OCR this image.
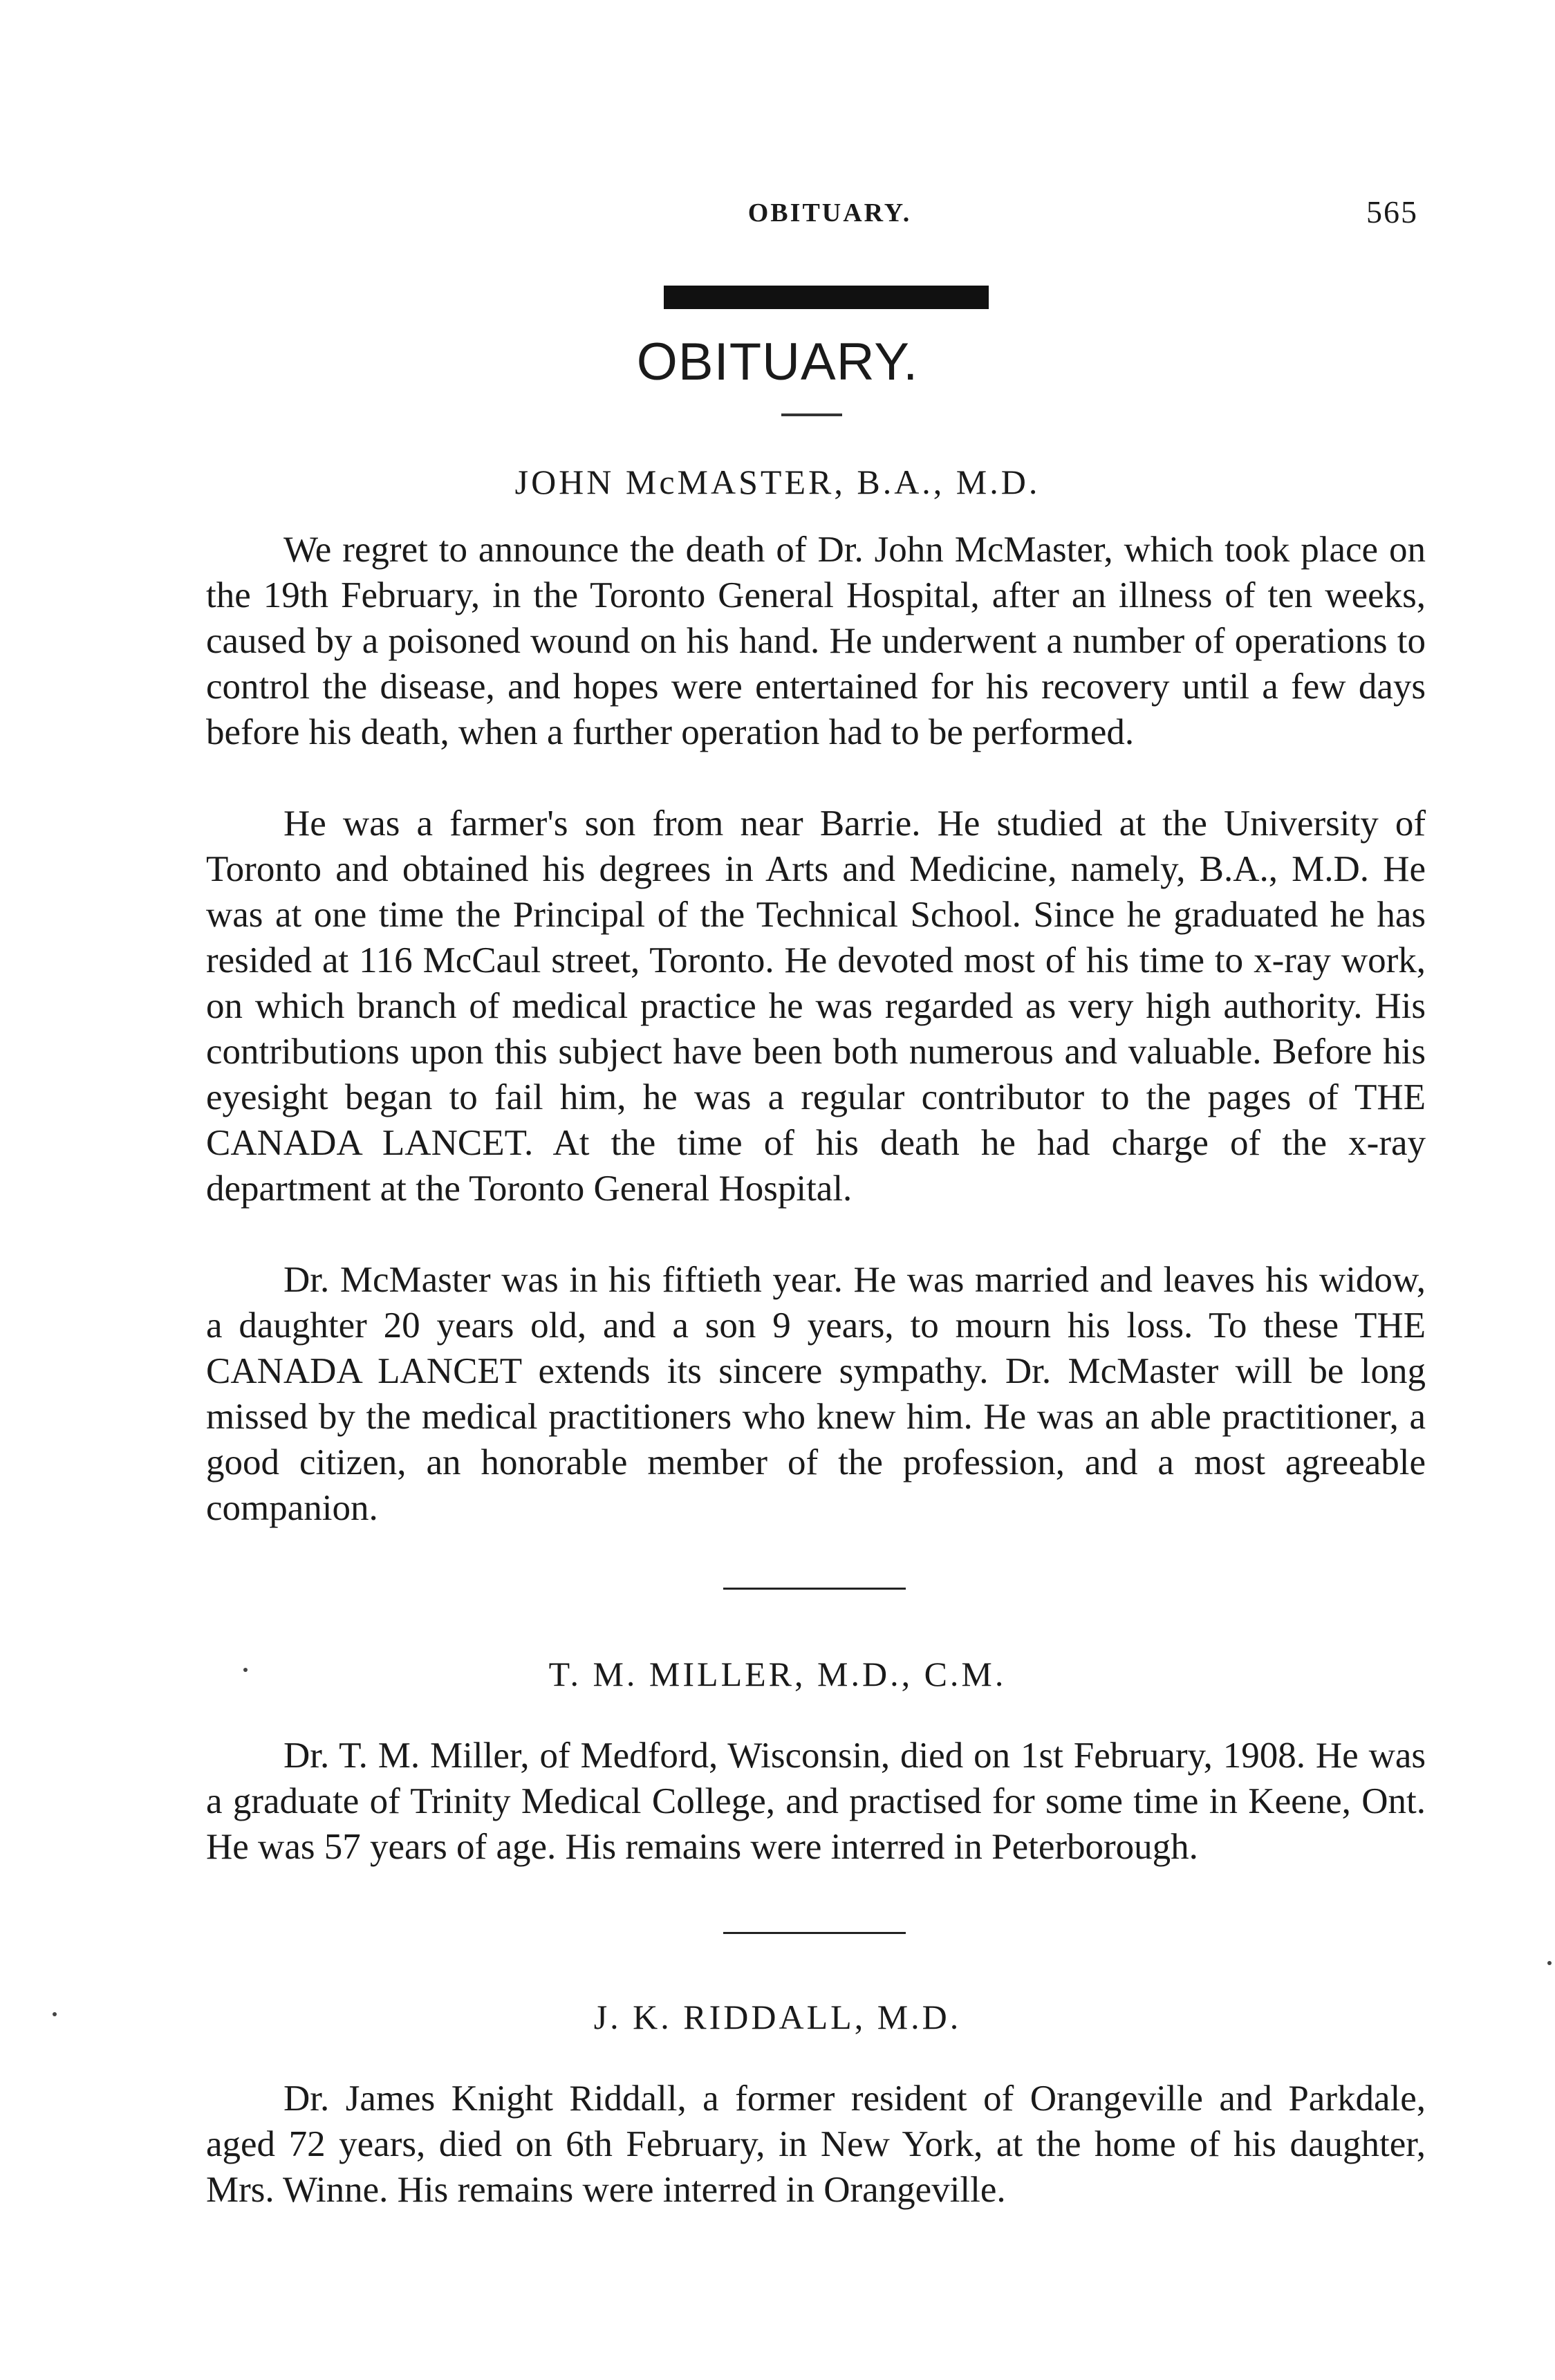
OBITUARY.	565
OBITUARY.
JOHN McMASTER, B.A., M.D.

We regret to announce the death of Dr. John McMaster, which took place on the 19th February, in the Toronto General Hospital, after an illness of ten weeks, caused by a poisoned wound on his hand. He underwent a number of operations to control the disease, and hopes were entertained for his recovery until a few days before his death, when a further operation had to be performed.

He was a farmer's son from near Barrie. He studied at the University of Toronto and obtained his degrees in Arts and Medicine, namely, B.A., M.D. He was at one time the Principal of the Technical School. Since he graduated he has resided at 116 McCaul street, Toronto. He devoted most of his time to x-ray work, on which branch of medical practice he was regarded as very high authority. His contributions upon this subject have been both numerous and valuable. Before his eyesight began to fail him, he was a regular contributor to the pages of THE CANADA LANCET. At the time of his death he had charge of the x-ray department at the Toronto General Hospital.

Dr. McMaster was in his fiftieth year. He was married and leaves his widow, a daughter 20 years old, and a son 9 years, to mourn his loss. To these THE CANADA LANCET extends its sincere sympathy. Dr. McMaster will be long missed by the medical practitioners who knew him. He was an able practitioner, a good citizen, an honorable member of the profession, and a most agreeable companion.

T. M. MILLER, M.D., C.M.

Dr. T. M. Miller, of Medford, Wisconsin, died on 1st February, 1908. He was a graduate of Trinity Medical College, and practised for some time in Keene, Ont. He was 57 years of age. His remains were interred in Peterborough.

J. K. RIDDALL, M.D.

Dr. James Knight Riddall, a former resident of Orangeville and Parkdale, aged 72 years, died on 6th February, in New York, at the home of his daughter, Mrs. Winne. His remains were interred in Orangeville.
